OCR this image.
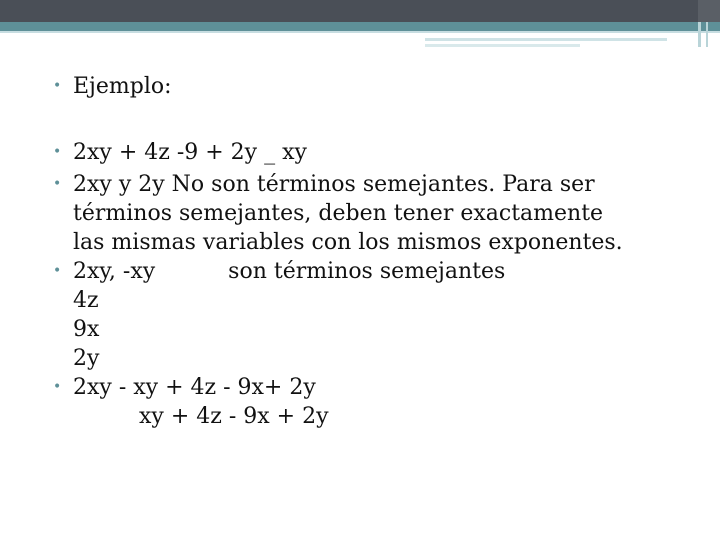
• Ejemplo:
• 2xy + 4z -9 + 2y _ xy
• 2xy y 2y No son términos semejantes. Para ser
términos semejantes, deben tener exactamente
las mismas variables con los mismos exponentes.
• 2xy, -xy	son términos semejantes
4z
9x
2y
• 2xy - xy + 4z - 9x+ 2y
xy + 4z - 9x + 2y
